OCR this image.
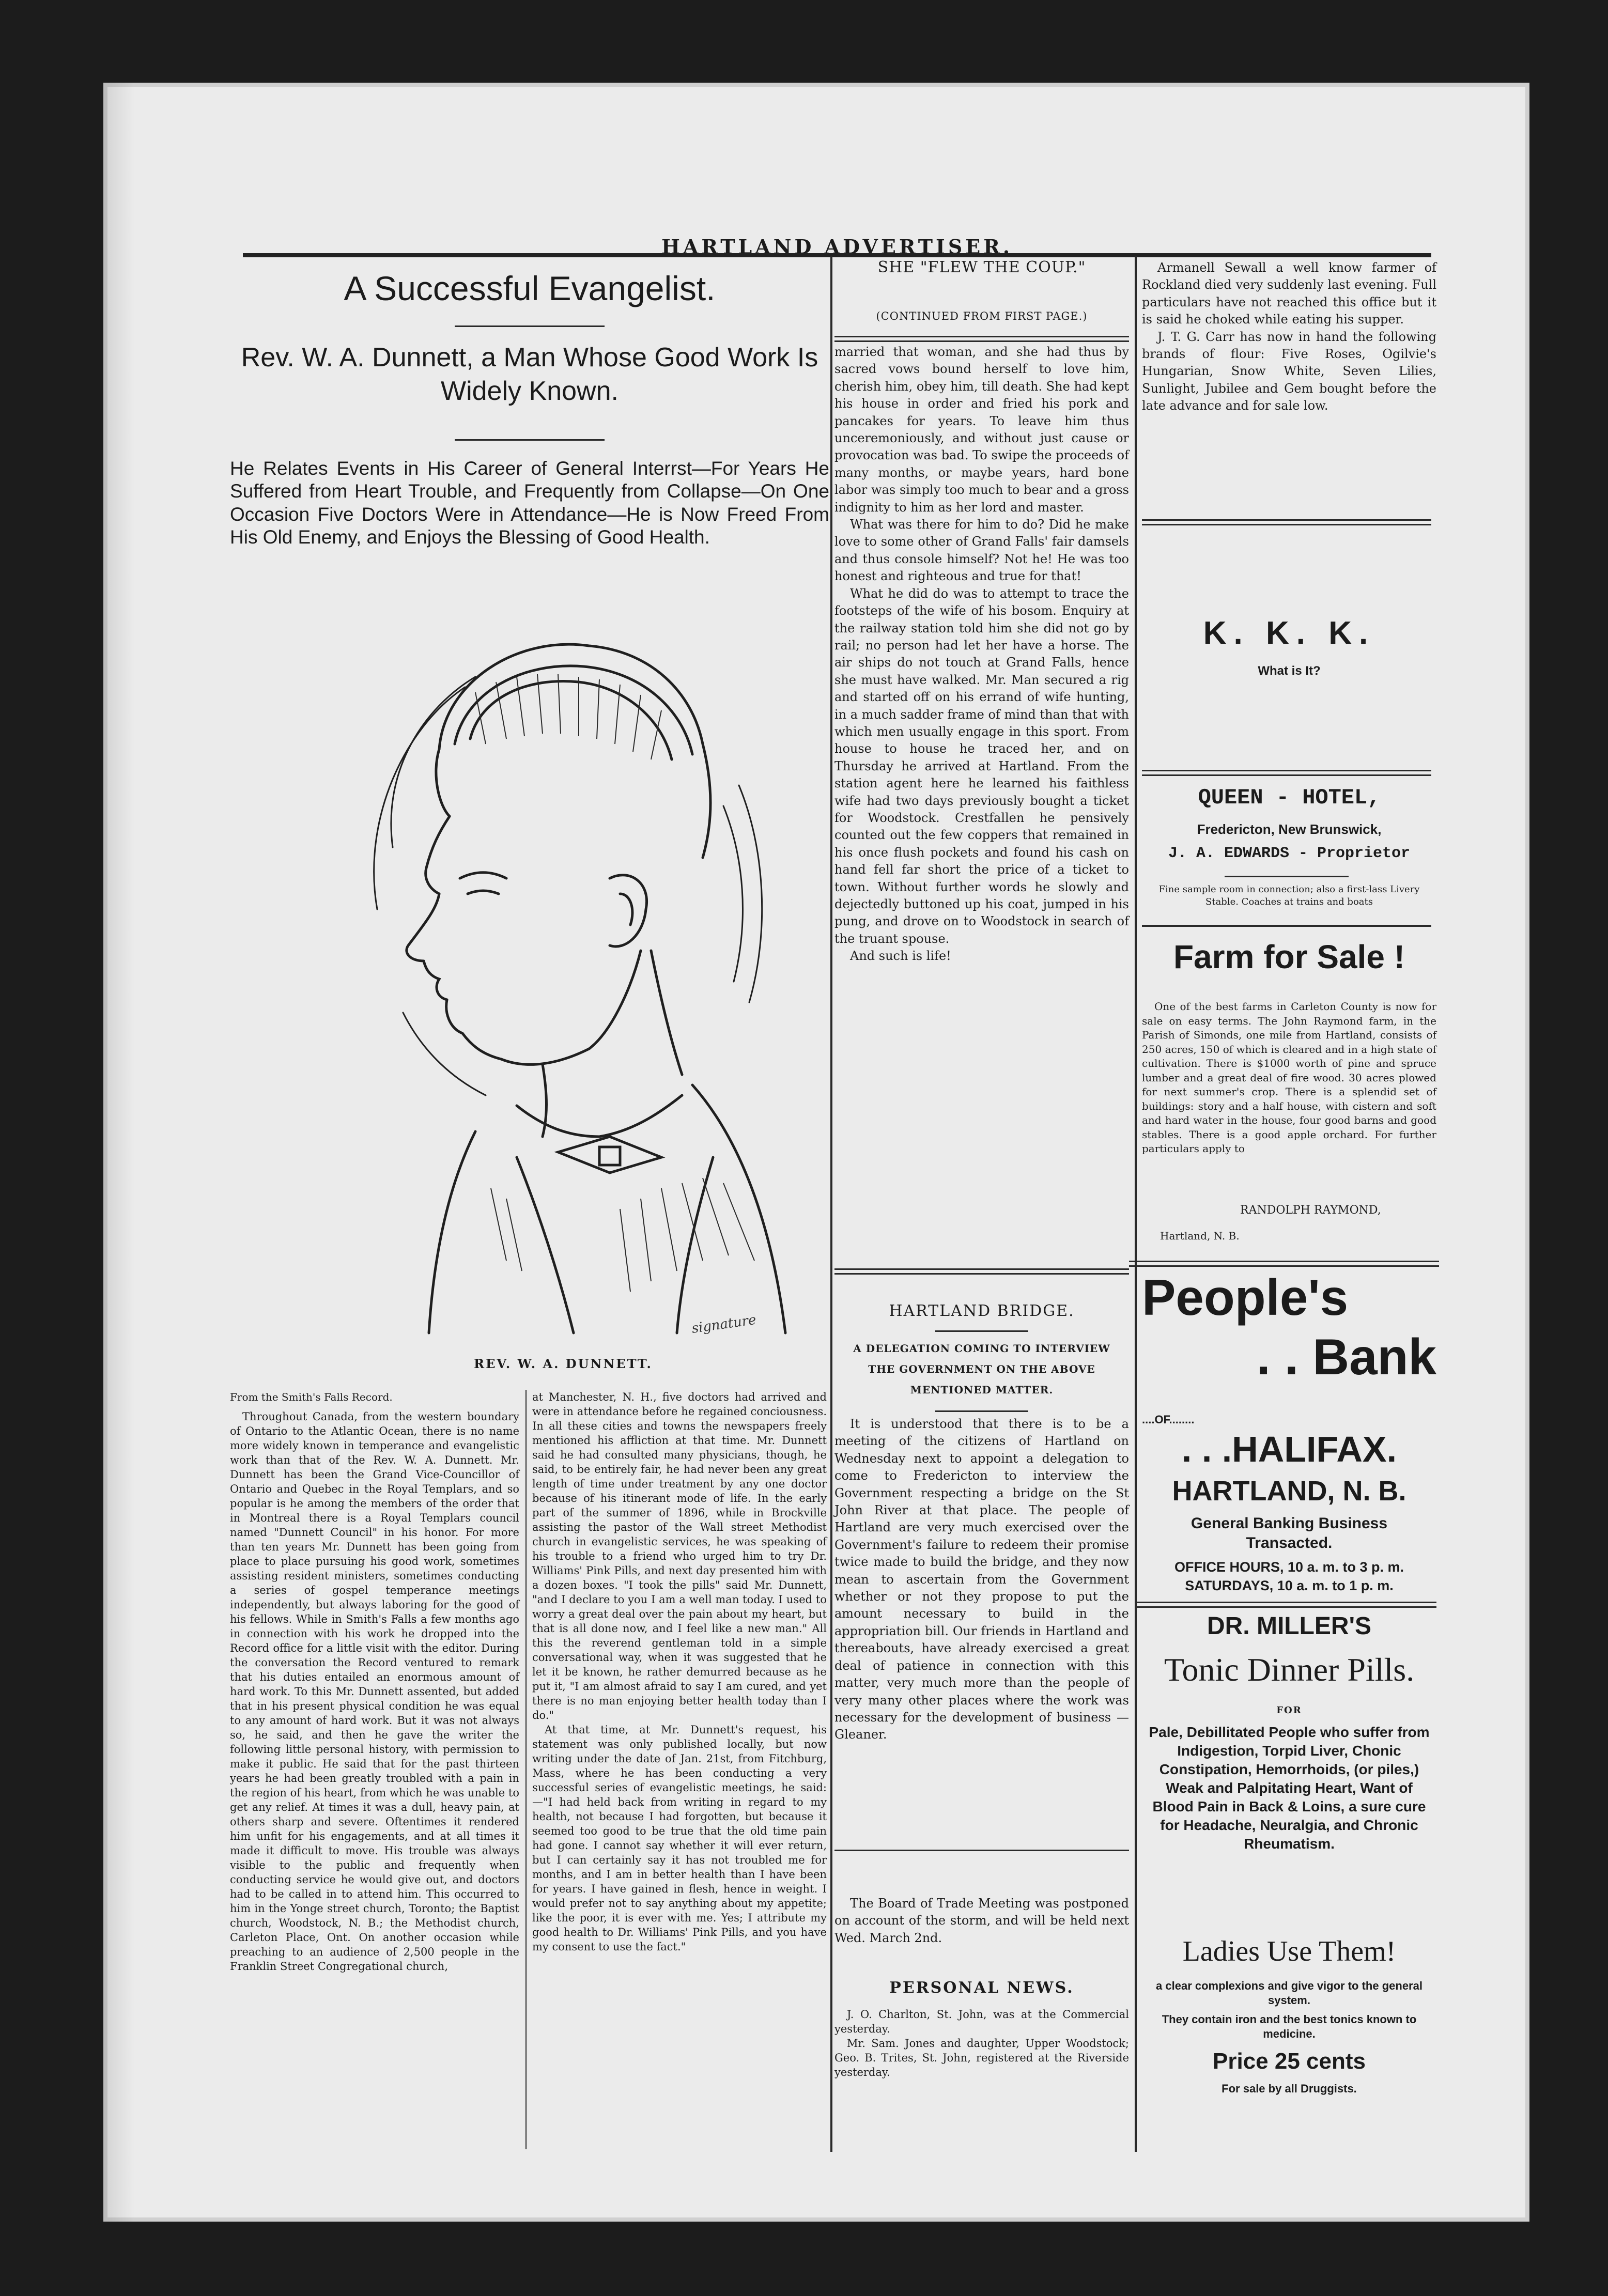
HARTLAND ADVERTISER.
A Successful Evangelist.
Rev. W. A. Dunnett, a Man Whose Good Work Is Widely Known.
He Relates Events in His Career of General Interrst—For Years He Suffered from Heart Trouble, and Frequently from Collapse—On One Occasion Five Doctors Were in Attendance—He is Now Freed From His Old Enemy, and Enjoys the Blessing of Good Health.
signature
REV. W. A. DUNNETT.
From the Smith's Falls Record.

Throughout Canada, from the western boundary of Ontario to the Atlantic Ocean, there is no name more widely known in temperance and evangelistic work than that of the Rev. W. A. Dunnett. Mr. Dunnett has been the Grand Vice-Councillor of Ontario and Quebec in the Royal Templars, and so popular is he among the members of the order that in Montreal there is a Royal Templars council named "Dunnett Council" in his honor. For more than ten years Mr. Dunnett has been going from place to place pursuing his good work, sometimes assisting resident ministers, sometimes conducting a series of gospel temperance meetings independently, but always laboring for the good of his fellows. While in Smith's Falls a few months ago in connection with his work he dropped into the Record office for a little visit with the editor. During the conversation the Record ventured to remark that his duties entailed an enormous amount of hard work. To this Mr. Dunnett assented, but added that in his present physical condition he was equal to any amount of hard work. But it was not always so, he said, and then he gave the writer the following little personal history, with permission to make it public. He said that for the past thirteen years he had been greatly troubled with a pain in the region of his heart, from which he was unable to get any relief. At times it was a dull, heavy pain, at others sharp and severe. Oftentimes it rendered him unfit for his engagements, and at all times it made it difficult to move. His trouble was always visible to the public and frequently when conducting service he would give out, and doctors had to be called in to attend him. This occurred to him in the Yonge street church, Toronto; the Baptist church, Woodstock, N. B.; the Methodist church, Carleton Place, Ont. On another occasion while preaching to an audience of 2,500 people in the Franklin Street Congregational church,

at Manchester, N. H., five doctors had arrived and were in attendance before he regained conciousness. In all these cities and towns the newspapers freely mentioned his affliction at that time. Mr. Dunnett said he had consulted many physicians, though, he said, to be entirely fair, he had never been any great length of time under treatment by any one doctor because of his itinerant mode of life. In the early part of the summer of 1896, while in Brockville assisting the pastor of the Wall street Methodist church in evangelistic services, he was speaking of his trouble to a friend who urged him to try Dr. Williams' Pink Pills, and next day presented him with a dozen boxes. "I took the pills" said Mr. Dunnett, "and I declare to you I am a well man today. I used to worry a great deal over the pain about my heart, but that is all done now, and I feel like a new man." All this the reverend gentleman told in a simple conversational way, when it was suggested that he let it be known, he rather demurred because as he put it, "I am almost afraid to say I am cured, and yet there is no man enjoying better health today than I do."

At that time, at Mr. Dunnett's request, his statement was only published locally, but now writing under the date of Jan. 21st, from Fitchburg, Mass, where he has been conducting a very successful series of evangelistic meetings, he said:—"I had held back from writing in regard to my health, not because I had forgotten, but because it seemed too good to be true that the old time pain had gone. I cannot say whether it will ever return, but I can certainly say it has not troubled me for months, and I am in better health than I have been for years. I have gained in flesh, hence in weight. I would prefer not to say anything about my appetite; like the poor, it is ever with me. Yes; I attribute my good health to Dr. Williams' Pink Pills, and you have my consent to use the fact."

SHE "FLEW THE COUP."
(CONTINUED FROM FIRST PAGE.)

married that woman, and she had thus by sacred vows bound herself to love him, cherish him, obey him, till death. She had kept his house in order and fried his pork and pancakes for years. To leave him thus unceremoniously, and without just cause or provocation was bad. To swipe the proceeds of many months, or maybe years, hard bone labor was simply too much to bear and a gross indignity to him as her lord and master.

What was there for him to do? Did he make love to some other of Grand Falls' fair damsels and thus console himself? Not he! He was too honest and righteous and true for that!

What he did do was to attempt to trace the footsteps of the wife of his bosom. Enquiry at the railway station told him she did not go by rail; no person had let her have a horse. The air ships do not touch at Grand Falls, hence she must have walked. Mr. Man secured a rig and started off on his errand of wife hunting, in a much sadder frame of mind than that with which men usually engage in this sport. From house to house he traced her, and on Thursday he arrived at Hartland. From the station agent here he learned his faithless wife had two days previously bought a ticket for Woodstock. Crestfallen he pensively counted out the few coppers that remained in his once flush pockets and found his cash on hand fell far short the price of a ticket to town. Without further words he slowly and dejectedly buttoned up his coat, jumped in his pung, and drove on to Woodstock in search of the truant spouse.

And such is life!

HARTLAND BRIDGE.
A DELEGATION COMING TO INTERVIEW THE GOVERNMENT ON THE ABOVE MENTIONED MATTER.

It is understood that there is to be a meeting of the citizens of Hartland on Wednesday next to appoint a delegation to come to Fredericton to interview the Government respecting a bridge on the St John River at that place. The people of Hartland are very much exercised over the Government's failure to redeem their promise twice made to build the bridge, and they now mean to ascertain from the Government whether or not they propose to put the amount necessary to build in the appropriation bill. Our friends in Hartland and thereabouts, have already exercised a great deal of patience in connection with this matter, very much more than the people of very many other places where the work was necessary for the development of business —Gleaner.

The Board of Trade Meeting was postponed on account of the storm, and will be held next Wed. March 2nd.

PERSONAL NEWS.

J. O. Charlton, St. John, was at the Commercial yesterday.

Mr. Sam. Jones and daughter, Upper Woodstock; Geo. B. Trites, St. John, registered at the Riverside yesterday.

Armanell Sewall a well know farmer of Rockland died very suddenly last evening. Full particulars have not reached this office but it is said he choked while eating his supper.

J. T. G. Carr has now in hand the following brands of flour: Five Roses, Ogilvie's Hungarian, Snow White, Seven Lilies, Sunlight, Jubilee and Gem bought before the late advance and for sale low.

K. K. K.
What is It?
QUEEN - HOTEL,
Fredericton, New Brunswick,
J. A. EDWARDS - Proprietor
Fine sample room in connection; also a first-lass Livery Stable. Coaches at trains and boats
Farm for Sale !

One of the best farms in Carleton County is now for sale on easy terms. The John Raymond farm, in the Parish of Simonds, one mile from Hartland, consists of 250 acres, 150 of which is cleared and in a high state of cultivation. There is $1000 worth of pine and spruce lumber and a great deal of fire wood. 30 acres plowed for next summer's crop. There is a splendid set of buildings: story and a half house, with cistern and soft and hard water in the house, four good barns and good stables. There is a good apple orchard. For further particulars apply to

RANDOLPH RAYMOND,
Hartland, N. B.
People's
. . Bank
....OF........
. . .HALIFAX.
HARTLAND, N. B.
General Banking Business Transacted.
OFFICE HOURS, 10 a. m. to 3 p. m. SATURDAYS, 10 a. m. to 1 p. m.
DR. MILLER'S
Tonic Dinner Pills.
FOR
Pale, Debillitated People who suffer from Indigestion, Torpid Liver, Chonic Constipation, Hemorrhoids, (or piles,) Weak and Palpitating Heart, Want of Blood Pain in Back & Loins, a sure cure for Headache, Neuralgia, and Chronic Rheumatism.
Ladies Use Them!
a clear complexions and give vigor to the general system.
They contain iron and the best tonics known to medicine.
Price 25 cents
For sale by all Druggists.
